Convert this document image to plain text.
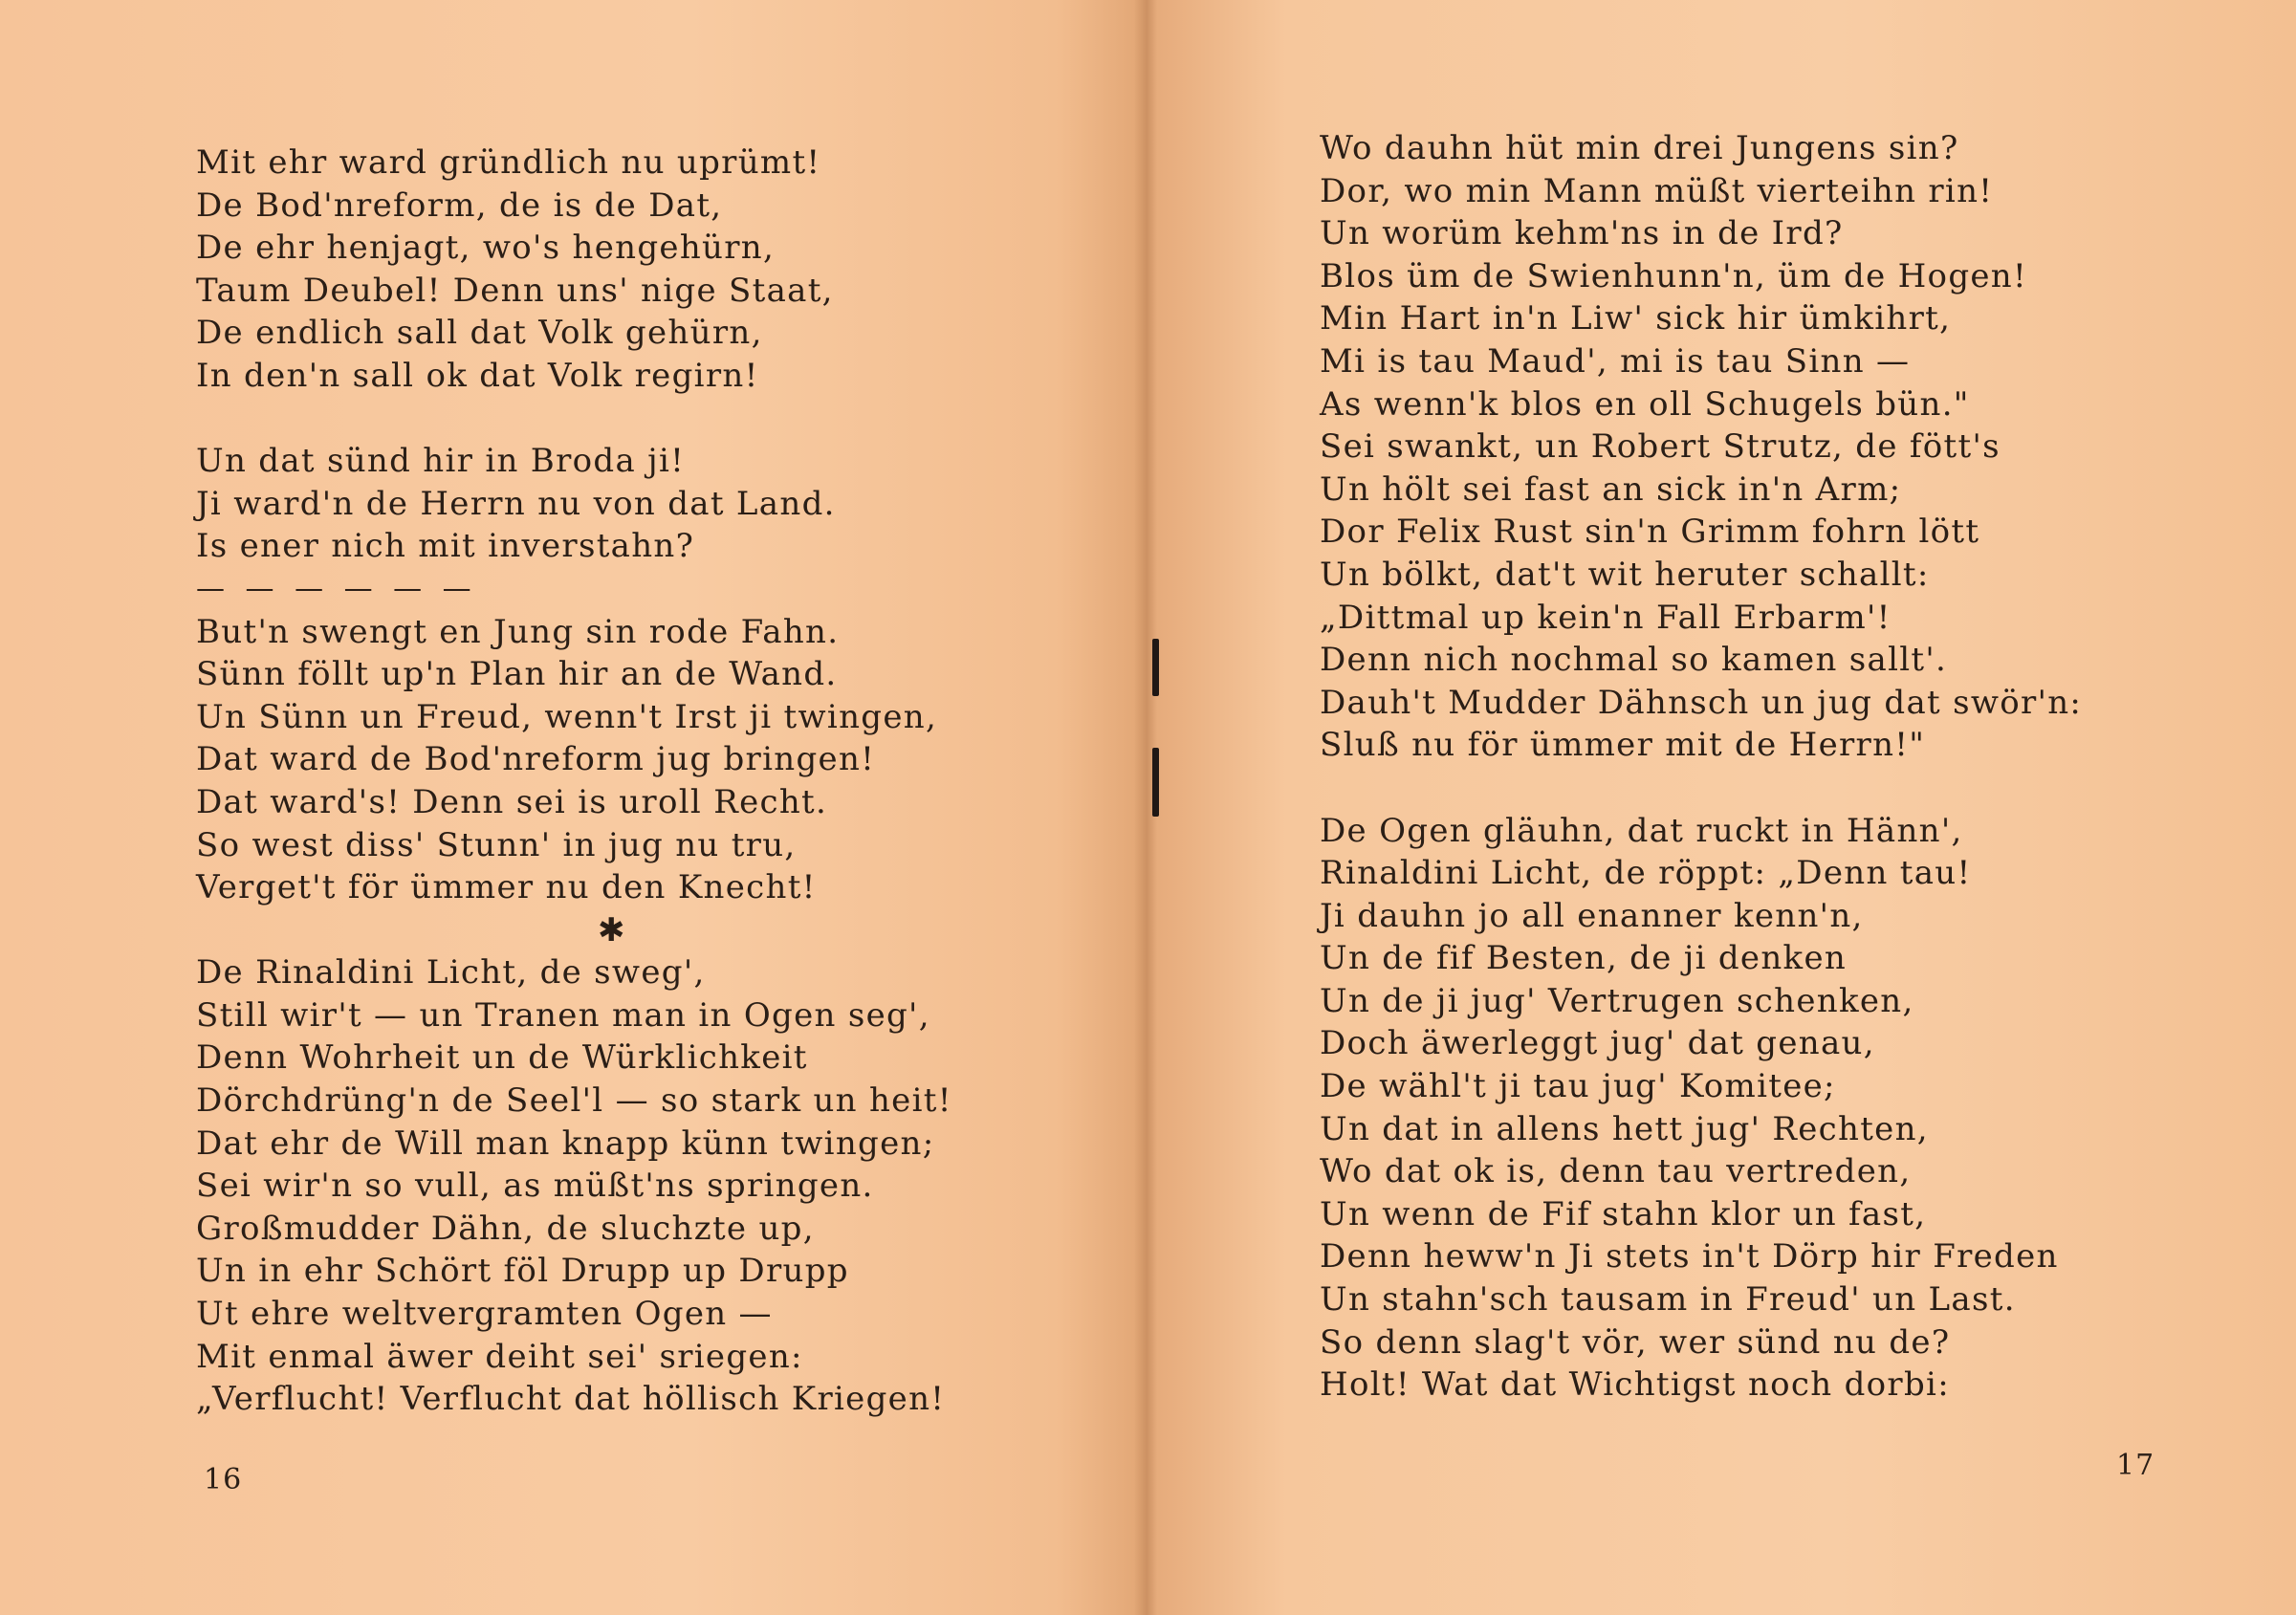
Mit ehr ward gründlich nu uprümt!
De Bod'nreform, de is de Dat,
De ehr henjagt, wo's hengehürn,
Taum Deubel! Denn uns' nige Staat,
De endlich sall dat Volk gehürn,
In den'n sall ok dat Volk regirn!
Un dat sünd hir in Broda ji!
Ji ward'n de Herrn nu von dat Land.
Is ener nich mit inverstahn?
— — — — — —
But'n swengt en Jung sin rode Fahn.
Sünn föllt up'n Plan hir an de Wand.
Un Sünn un Freud, wenn't Irst ji twingen,
Dat ward de Bod'nreform jug bringen!
Dat ward's! Denn sei is uroll Recht.
So west diss' Stunn' in jug nu tru,
Verget't för ümmer nu den Knecht!
✱
De Rinaldini Licht, de sweg',
Still wir't — un Tranen man in Ogen seg',
Denn Wohrheit un de Würklichkeit
Dörchdrüng'n de Seel'l — so stark un heit!
Dat ehr de Will man knapp künn twingen;
Sei wir'n so vull, as müßt'ns springen.
Großmudder Dähn, de sluchzte up,
Un in ehr Schört föl Drupp up Drupp
Ut ehre weltvergramten Ogen —
Mit enmal äwer deiht sei' sriegen:
„Verflucht! Verflucht dat höllisch Kriegen!
16
Wo dauhn hüt min drei Jungens sin?
Dor, wo min Mann müßt vierteihn rin!
Un worüm kehm'ns in de Ird?
Blos üm de Swienhunn'n, üm de Hogen!
Min Hart in'n Liw' sick hir ümkihrt,
Mi is tau Maud', mi is tau Sinn —
As wenn'k blos en oll Schugels bün."
Sei swankt, un Robert Strutz, de fött's
Un hölt sei fast an sick in'n Arm;
Dor Felix Rust sin'n Grimm fohrn lött
Un bölkt, dat't wit heruter schallt:
„Dittmal up kein'n Fall Erbarm'!
Denn nich nochmal so kamen sallt'.
Dauh't Mudder Dähnsch un jug dat swör'n:
Sluß nu för ümmer mit de Herrn!"
De Ogen gläuhn, dat ruckt in Hänn',
Rinaldini Licht, de röppt: „Denn tau!
Ji dauhn jo all enanner kenn'n,
Un de fif Besten, de ji denken
Un de ji jug' Vertrugen schenken,
Doch äwerleggt jug' dat genau,
De wähl't ji tau jug' Komitee;
Un dat in allens hett jug' Rechten,
Wo dat ok is, denn tau vertreden,
Un wenn de Fif stahn klor un fast,
Denn heww'n Ji stets in't Dörp hir Freden
Un stahn'sch tausam in Freud' un Last.
So denn slag't vör, wer sünd nu de?
Holt! Wat dat Wichtigst noch dorbi:
17
